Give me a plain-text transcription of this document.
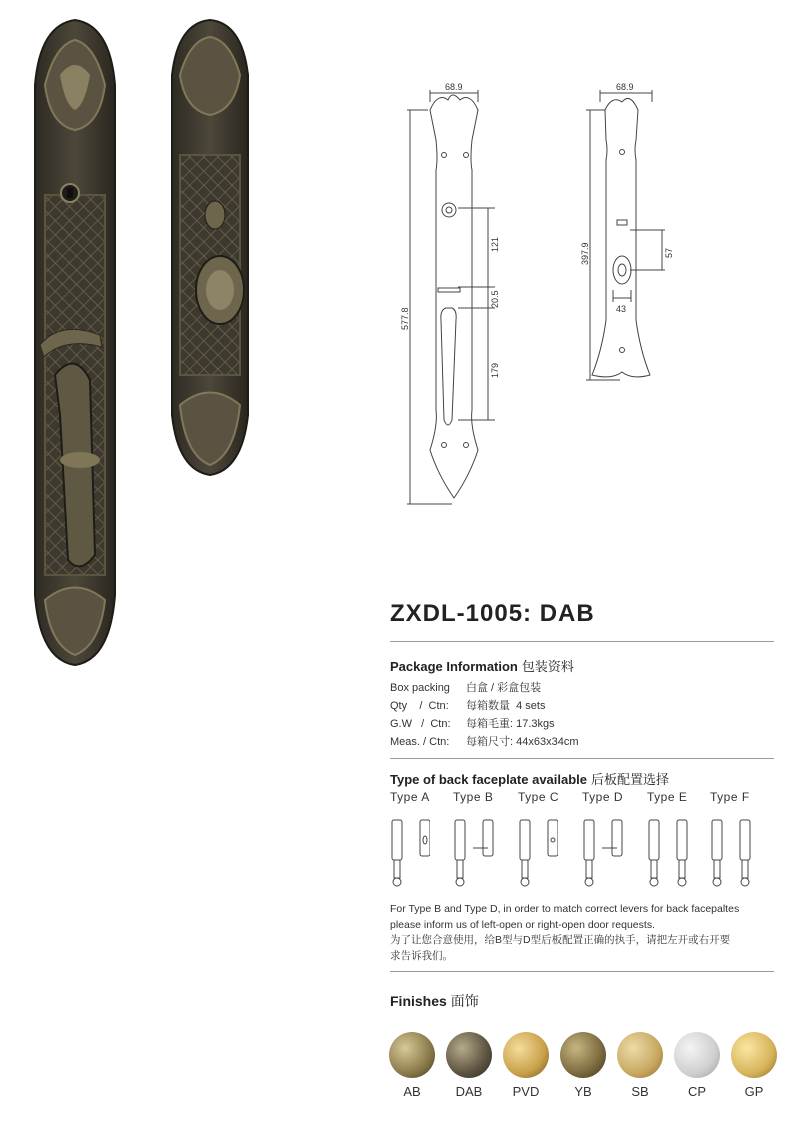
68.9	68.9
577.8
397.9
121
20.5
179
57
43
ZXDL-1005: DAB
Package Information 包装资料
Box packing 白盒 / 彩盒包装
Qty    /  Ctn: 每箱数量  4 sets
G.W   /  Ctn: 每箱毛重: 17.3kgs
Meas. / Ctn: 每箱尺寸: 44x63x34cm
Type of back faceplate available 后板配置选择
Type A Type B Type C Type D Type E Type F
For Type B and Type D, in order to match correct levers for back facepaltes
please inform us of left-open or right-open door requests.
为了让您合意使用，给B型与D型后板配置正确的执手，请把左开或右开要
求告诉我们。
Finishes 面饰
AB	DAB	PVD	YB	SB	CP	GP
